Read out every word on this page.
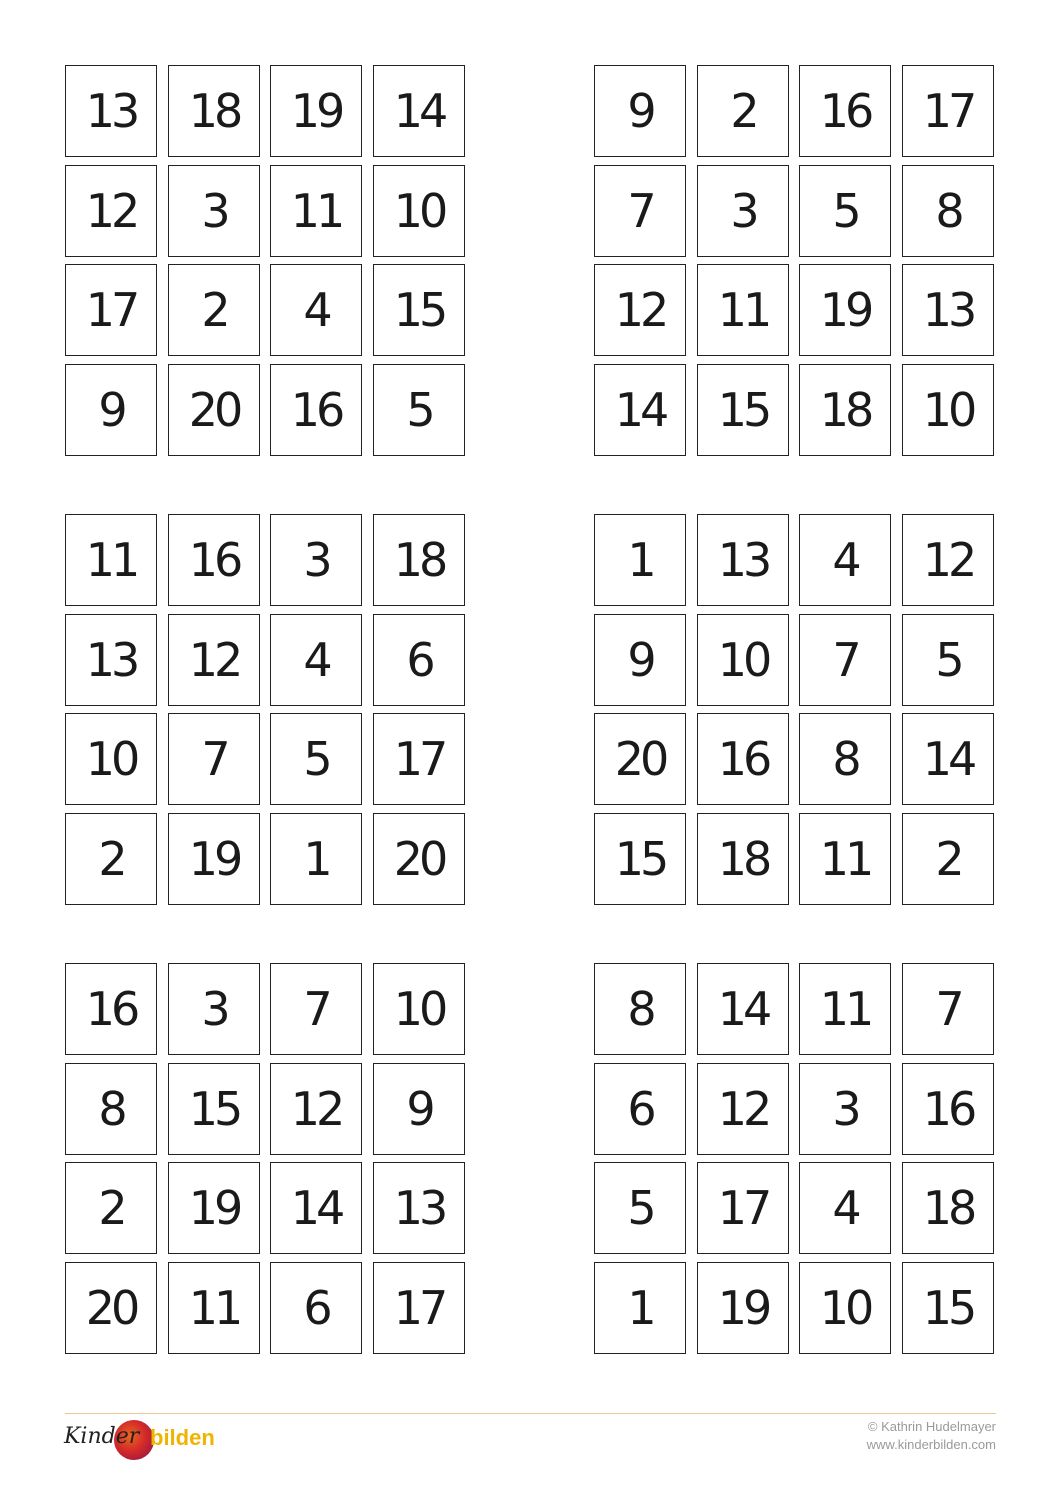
13	18	19	14
12	3	11	10
17	2	4	15
9	20	16	5
9	2	16	17
7	3	5	8
12	11	19	13
14	15	18	10
11	16	3	18
13	12	4	6
10	7	5	17
2	19	1	20
1	13	4	12
9	10	7	5
20	16	8	14
15	18	11	2
16	3	7	10
8	15	12	9
2	19	14	13
20	11	6	17
8	14	11	7
6	12	3	16
5	17	4	18
1	19	10	15
Kinder bilden	© Kathrin Hudelmayer
www.kinderbilden.com
